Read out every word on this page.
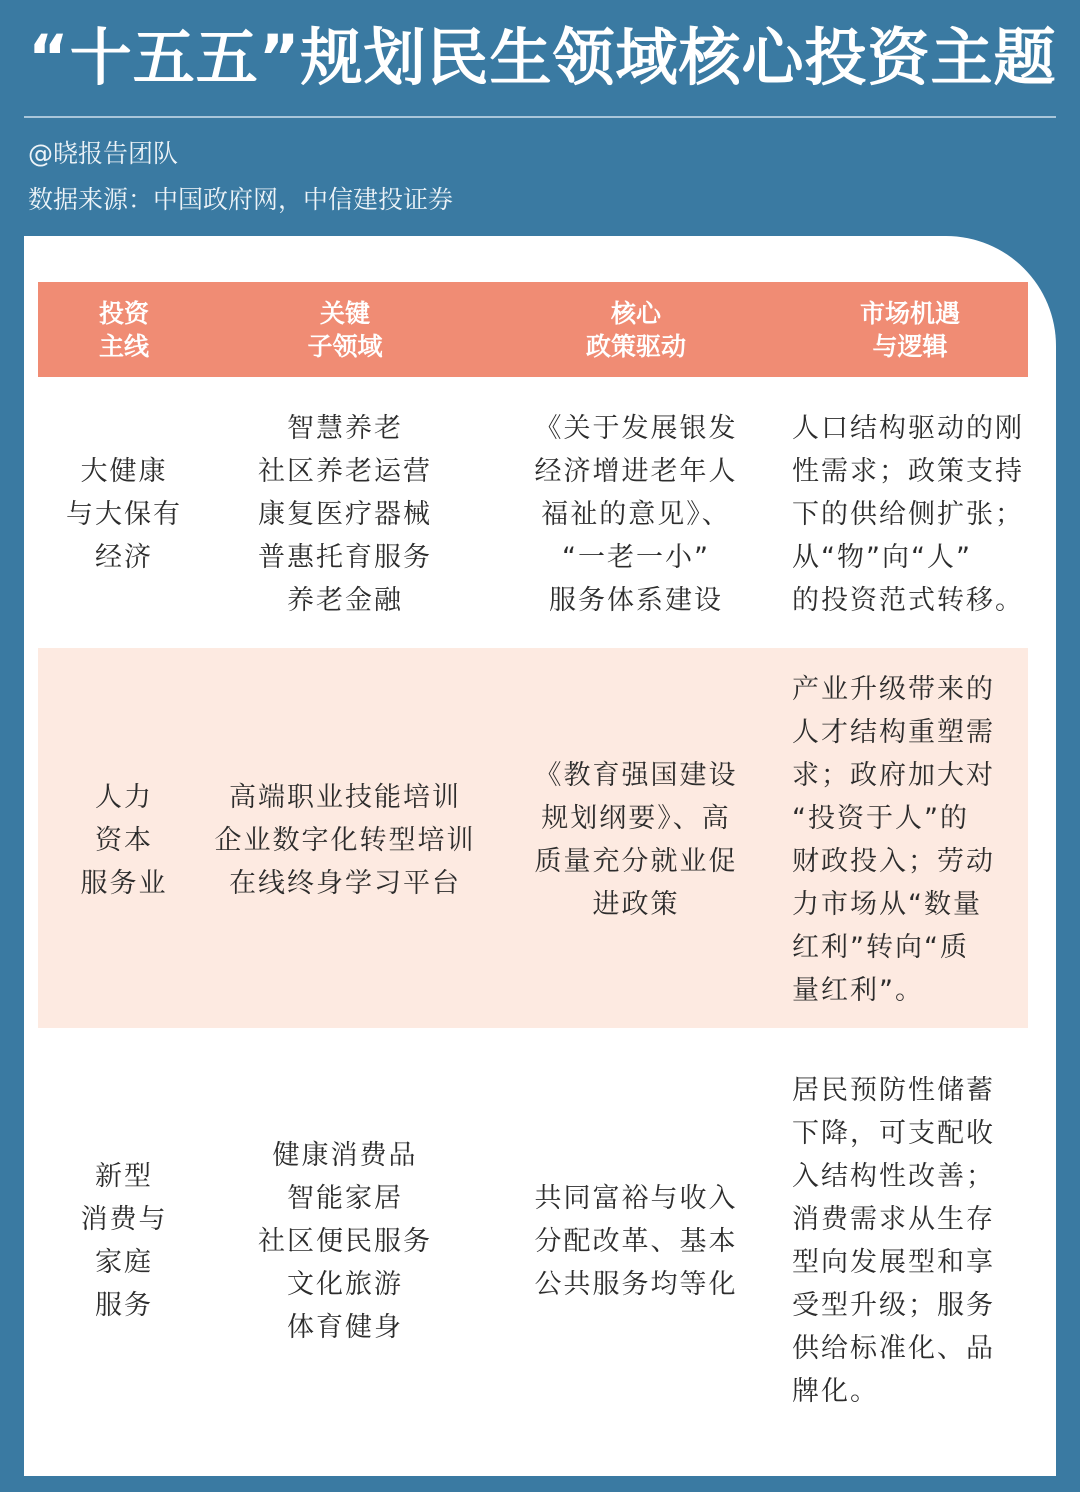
“十五五”规划民生领域核心投资主题
@晓报告团队
数据来源：中国政府网，中信建投证券
投资
主线
关键
子领域
核心
政策驱动
市场机遇
与逻辑
大健康
与大保有
经济
智慧养老
社区养老运营
康复医疗器械
普惠托育服务
养老金融
《关于发展银发
经济增进老年人
福祉的意见》、
“一老一小”
服务体系建设
人口结构驱动的刚
性需求；政策支持
下的供给侧扩张；
从“物”向“人”
的投资范式转移。
人力
资本
服务业
高端职业技能培训
企业数字化转型培训
在线终身学习平台
《教育强国建设
规划纲要》、高
质量充分就业促
进政策
产业升级带来的
人才结构重塑需
求；政府加大对
“投资于人”的
财政投入；劳动
力市场从“数量
红利”转向“质
量红利”。
新型
消费与
家庭
服务
健康消费品
智能家居
社区便民服务
文化旅游
体育健身
共同富裕与收入
分配改革、基本
公共服务均等化
居民预防性储蓄
下降，可支配收
入结构性改善；
消费需求从生存
型向发展型和享
受型升级；服务
供给标准化、品
牌化。
